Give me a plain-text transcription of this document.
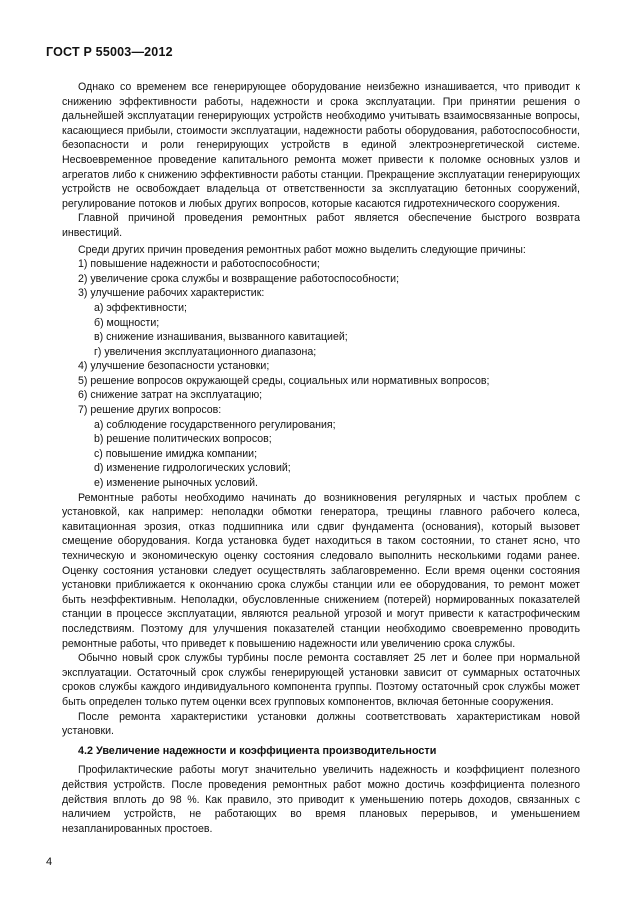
ГОСТ Р 55003—2012

Однако со временем все генерирующее оборудование неизбежно изнашивается, что приводит к снижению эффективности работы, надежности и срока эксплуатации. При принятии решения о дальнейшей эксплуатации генерирующих устройств необходимо учитывать взаимосвязанные вопросы, касающиеся прибыли, стоимости эксплуатации, надежности работы оборудования, работоспособности, безопасности и роли генерирующих устройств в единой электроэнергетической системе. Несвоевременное проведение капитального ремонта может привести к поломке основных узлов и агрегатов либо к снижению эффективности работы станции. Прекращение эксплуатации генерирующих устройств не освобождает владельца от ответственности за эксплуатацию бетонных сооружений, регулирование потоков и любых других вопросов, которые касаются гидротехнического сооружения.

Главной причиной проведения ремонтных работ является обеспечение быстрого возврата инвестиций.

Среди других причин проведения ремонтных работ можно выделить следующие причины:

1) повышение надежности и работоспособности;

2) увеличение срока службы и возвращение работоспособности;

3) улучшение рабочих характеристик:

а) эффективности;

б) мощности;

в) снижение изнашивания, вызванного кавитацией;

г) увеличения эксплуатационного диапазона;

4) улучшение безопасности установки;

5) решение вопросов окружающей среды, социальных или нормативных вопросов;

6) снижение затрат на эксплуатацию;

7) решение других вопросов:

а) соблюдение государственного регулирования;

b) решение политических вопросов;

c) повышение имиджа компании;

d) изменение гидрологических условий;

e) изменение рыночных условий.

Ремонтные работы необходимо начинать до возникновения регулярных и частых проблем с установкой, как например: неполадки обмотки генератора, трещины главного рабочего колеса, кавитационная эрозия, отказ подшипника или сдвиг фундамента (основания), который вызовет смещение оборудования. Когда установка будет находиться в таком состоянии, то станет ясно, что техническую и экономическую оценку состояния следовало выполнить несколькими годами ранее. Оценку состояния установки следует осуществлять заблаговременно. Если время оценки состояния установки приближается к окончанию срока службы станции или ее оборудования, то ремонт может быть неэффективным. Неполадки, обусловленные снижением (потерей) нормированных показателей станции в процессе эксплуатации, являются реальной угрозой и могут привести к катастрофическим последствиям. Поэтому для улучшения показателей станции необходимо своевременно проводить ремонтные работы, что приведет к повышению надежности или увеличению срока службы.

Обычно новый срок службы турбины после ремонта составляет 25 лет и более при нормальной эксплуатации. Остаточный срок службы генерирующей установки зависит от суммарных остаточных сроков службы каждого индивидуального компонента группы. Поэтому остаточный срок службы может быть определен только путем оценки всех групповых компонентов, включая бетонные сооружения.

После ремонта характеристики установки должны соответствовать характеристикам новой установки.

4.2 Увеличение надежности и коэффициента производительности

Профилактические работы могут значительно увеличить надежность и коэффициент полезного действия устройств. После проведения ремонтных работ можно достичь коэффициента полезного действия вплоть до 98 %. Как правило, это приводит к уменьшению потерь доходов, связанных с наличием устройств, не работающих во время плановых перерывов, и уменьшением незапланированных простоев.

4
